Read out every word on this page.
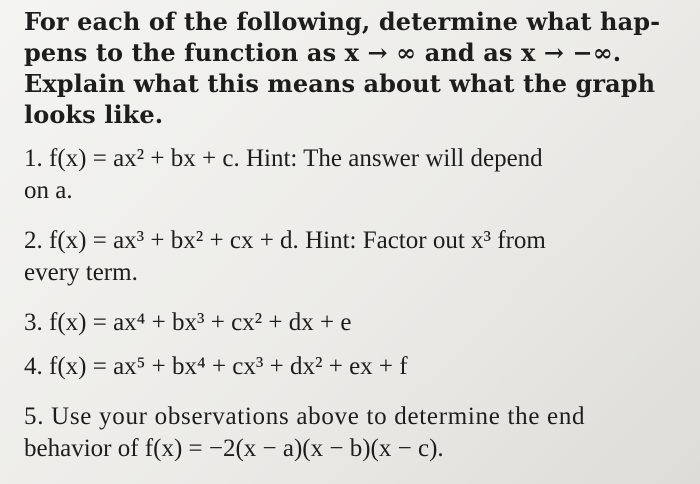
For each of the following, determine what hap-
pens to the function as x → ∞ and as x → −∞.
Explain what this means about what the graph
looks like.
1. f(x) = ax² + bx + c. Hint: The answer will depend
on a.
2. f(x) = ax³ + bx² + cx + d. Hint: Factor out x³ from
every term.
3. f(x) = ax⁴ + bx³ + cx² + dx + e
4. f(x) = ax⁵ + bx⁴ + cx³ + dx² + ex + f
5. Use your observations above to determine the end
behavior of f(x) = −2(x − a)(x − b)(x − c).
